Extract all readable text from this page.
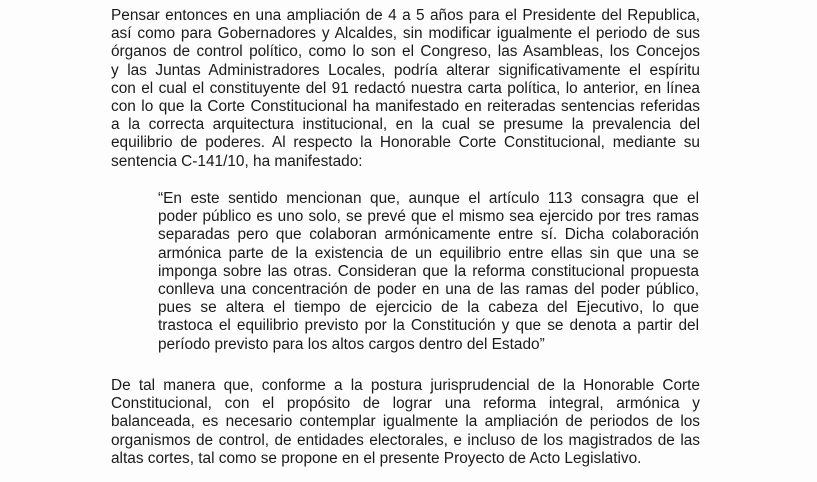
Pensar entonces en una ampliación de 4 a 5 años para el Presidente del Republica,
así como para Gobernadores y Alcaldes, sin modificar igualmente el periodo de sus
órganos de control político, como lo son el Congreso, las Asambleas, los Concejos
y las Juntas Administradores Locales, podría alterar significativamente el espíritu
con el cual el constituyente del 91 redactó nuestra carta política, lo anterior, en línea
con lo que la Corte Constitucional ha manifestado en reiteradas sentencias referidas
a la correcta arquitectura institucional, en la cual se presume la prevalencia del
equilibrio de poderes. Al respecto la Honorable Corte Constitucional, mediante su
sentencia C-141/10, ha manifestado:
“En este sentido mencionan que, aunque el artículo 113 consagra que el
poder público es uno solo, se prevé que el mismo sea ejercido por tres ramas
separadas pero que colaboran armónicamente entre sí. Dicha colaboración
armónica parte de la existencia de un equilibrio entre ellas sin que una se
imponga sobre las otras. Consideran que la reforma constitucional propuesta
conlleva una concentración de poder en una de las ramas del poder público,
pues se altera el tiempo de ejercicio de la cabeza del Ejecutivo, lo que
trastoca el equilibrio previsto por la Constitución y que se denota a partir del
período previsto para los altos cargos dentro del Estado”
De tal manera que, conforme a la postura jurisprudencial de la Honorable Corte
Constitucional, con el propósito de lograr una reforma integral, armónica y
balanceada, es necesario contemplar igualmente la ampliación de periodos de los
organismos de control, de entidades electorales, e incluso de los magistrados de las
altas cortes, tal como se propone en el presente Proyecto de Acto Legislativo.
